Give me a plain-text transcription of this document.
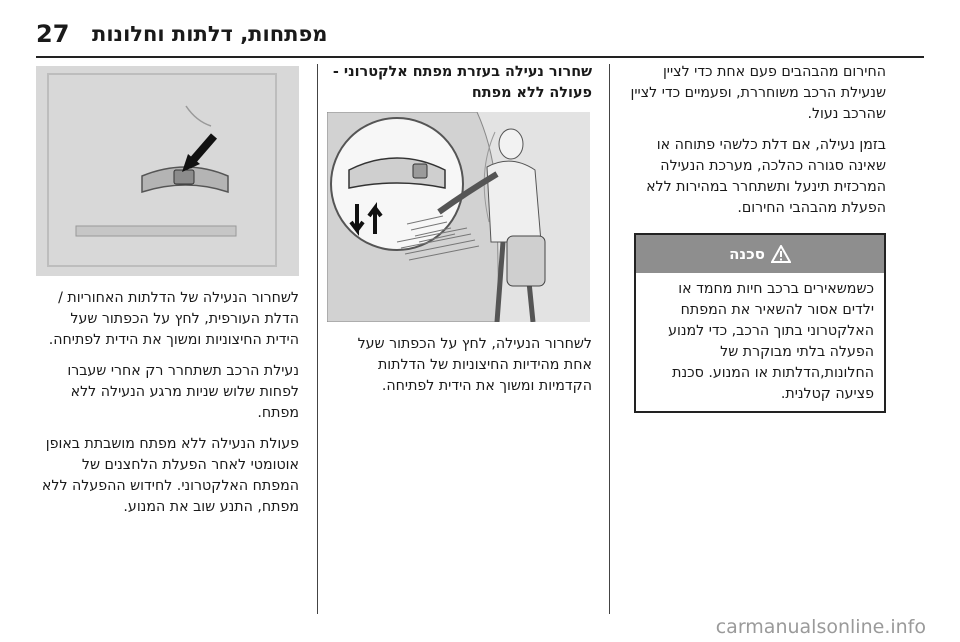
27 מפתחות, דלתות וחלונות

החירום מהבהבים פעם אחת כדי לציין שנעילת הרכב משוחררת, ופעמיים כדי לציין שהרכב נעול.

בזמן נעילה, אם דלת כלשהי פתוחה או שאינה סגורה כהלכה, מערכת הנעילה המרכזית תינעל ותשתחרר במהירות ללא הפעלת מהבהבי החירום.

סכנה
כשמשאירים ברכב חיות מחמד או ילדים אסור להשאיר את המפתח האלקטרוני בתוך הרכב, כדי למנוע הפעלה בלתי מבוקרת של החלונות,הדלתות או המנוע. סכנת פציעה קטלנית.
שחרור נעילה בעזרת מפתח אלקטרוני - פעולה ללא מפתח

לשחרור הנעילה, לחץ על הכפתור שעל אחת מהידיות החיצוניות של הדלתות הקדמיות ומשוך את הידית לפתיחה.

לשחרור הנעילה של הדלתות האחוריות / הדלת העורפית, לחץ על הכפתור שעל הידית החיצוניות ומשוך את הידית לפתיחה.

נעילת הרכב תשתחרר רק אחרי שעברו לפחות שלוש שניות מרגע הנעילה ללא מפתח.

פעולת הנעילה ללא מפתח מושבתת באופן אוטומטי לאחר הפעלת הלחצנים של המפתח האלקטרוני. לחידוש ההפעלה ללא מפתח, התנע שוב את המנוע.

carmanualsonline.info
